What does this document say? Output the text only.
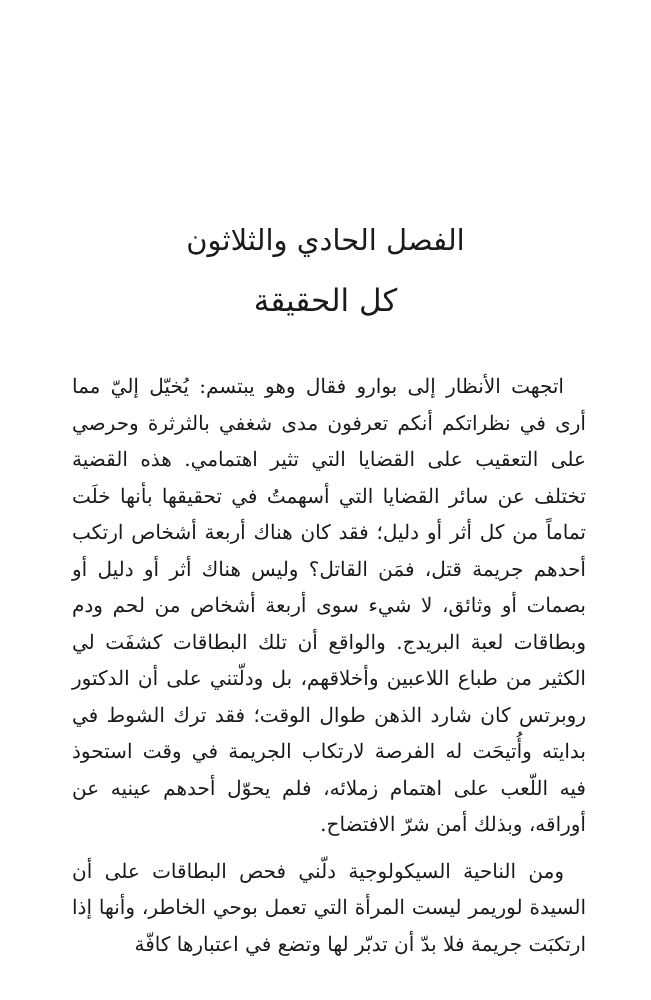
الفصل الحادي والثلاثون
كل الحقيقة

اتجهت الأنظار إلى بوارو فقال وهو يبتسم: يُخيّل إليّ مما أرى في نظراتكم أنكم تعرفون مدى شغفي بالثرثرة وحرصي على التعقيب على القضايا التي تثير اهتمامي. هذه القضية تختلف عن سائر القضايا التي أسهمتُ في تحقيقها بأنها خلَت تماماً من كل أثر أو دليل؛ فقد كان هناك أربعة أشخاص ارتكب أحدهم جريمة قتل، فمَن القاتل؟ وليس هناك أثر أو دليل أو بصمات أو وثائق، لا شيء سوى أربعة أشخاص من لحم ودم وبطاقات لعبة البريدج. والواقع أن تلك البطاقات كشفَت لي الكثير من طباع اللاعبين وأخلاقهم، بل ودلّتني على أن الدكتور روبرتس كان شارد الذهن طوال الوقت؛ فقد ترك الشوط في بدايته وأُتيحَت له الفرصة لارتكاب الجريمة في وقت استحوذ فيه اللّعب على اهتمام زملائه، فلم يحوّل أحدهم عينيه عن أوراقه، وبذلك أمن شرّ الافتضاح.

ومن الناحية السيكولوجية دلّني فحص البطاقات على أن السيدة لوريمر ليست المرأة التي تعمل بوحي الخاطر، وأنها إذا ارتكبَت جريمة فلا بدّ أن تدبّر لها وتضع في اعتبارها كافّة
